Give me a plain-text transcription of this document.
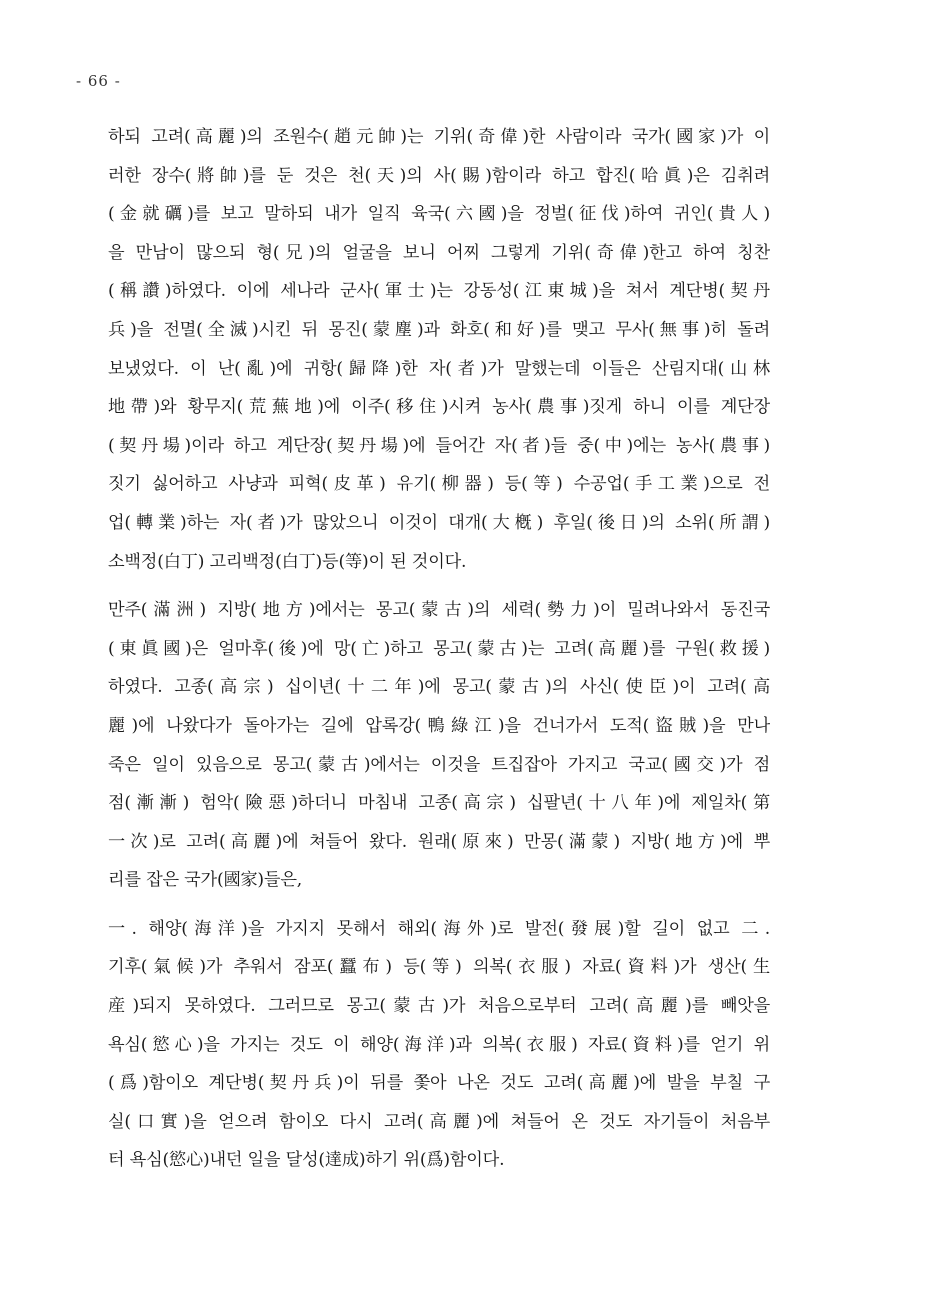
- 66 -
하되 고려(高麗)의 조원수(趙元帥)는 기위(奇偉)한 사람이라 국가(國家)가 이
러한 장수(將帥)를 둔 것은 천(天)의 사(賜)함이라 하고 합진(哈眞)은 김취려
(金就礪)를 보고 말하되 내가 일직 육국(六國)을 정벌(征伐)하여 귀인(貴人)
을 만남이 많으되 형(兄)의 얼굴을 보니 어찌 그렇게 기위(奇偉)한고 하여 칭찬
(稱讚)하였다. 이에 세나라 군사(軍士)는 강동성(江東城)을 쳐서 계단병(契丹
兵)을 전멸(全滅)시킨 뒤 몽진(蒙塵)과 화호(和好)를 맺고 무사(無事)히 돌려
보냈었다. 이 난(亂)에 귀항(歸降)한 자(者)가 말했는데 이들은 산림지대(山林
地帶)와 황무지(荒蕪地)에 이주(移住)시켜 농사(農事)짓게 하니 이를 계단장
(契丹場)이라 하고 계단장(契丹場)에 들어간 자(者)들 중(中)에는 농사(農事)
짓기 싫어하고 사냥과 피혁(皮革) 유기(柳器) 등(等) 수공업(手工業)으로 전
업(轉業)하는 자(者)가 많았으니 이것이 대개(大槪) 후일(後日)의 소위(所謂)
소백정(白丁) 고리백정(白丁)등(等)이 된 것이다.
만주(滿洲) 지방(地方)에서는 몽고(蒙古)의 세력(勢力)이 밀려나와서 동진국
(東眞國)은 얼마후(後)에 망(亡)하고 몽고(蒙古)는 고려(高麗)를 구원(救援)
하였다. 고종(高宗) 십이년(十二年)에 몽고(蒙古)의 사신(使臣)이 고려(高
麗)에 나왔다가 돌아가는 길에 압록강(鴨綠江)을 건너가서 도적(盜賊)을 만나
죽은 일이 있음으로 몽고(蒙古)에서는 이것을 트집잡아 가지고 국교(國交)가 점
점(漸漸) 험악(險惡)하더니 마침내 고종(高宗) 십팔년(十八年)에 제일차(第
一次)로 고려(高麗)에 쳐들어 왔다. 원래(原來) 만몽(滿蒙) 지방(地方)에 뿌
리를 잡은 국가(國家)들은,
一. 해양(海洋)을 가지지 못해서 해외(海外)로 발전(發展)할 길이 없고 二.
기후(氣候)가 추워서 잠포(蠶布) 등(等) 의복(衣服) 자료(資料)가 생산(生
産)되지 못하였다. 그러므로 몽고(蒙古)가 처음으로부터 고려(高麗)를 빼앗을
욕심(慾心)을 가지는 것도 이 해양(海洋)과 의복(衣服) 자료(資料)를 얻기 위
(爲)함이오 계단병(契丹兵)이 뒤를 쫓아 나온 것도 고려(高麗)에 발을 부칠 구
실(口實)을 얻으려 함이오 다시 고려(高麗)에 쳐들어 온 것도 자기들이 처음부
터 욕심(慾心)내던 일을 달성(達成)하기 위(爲)함이다.
